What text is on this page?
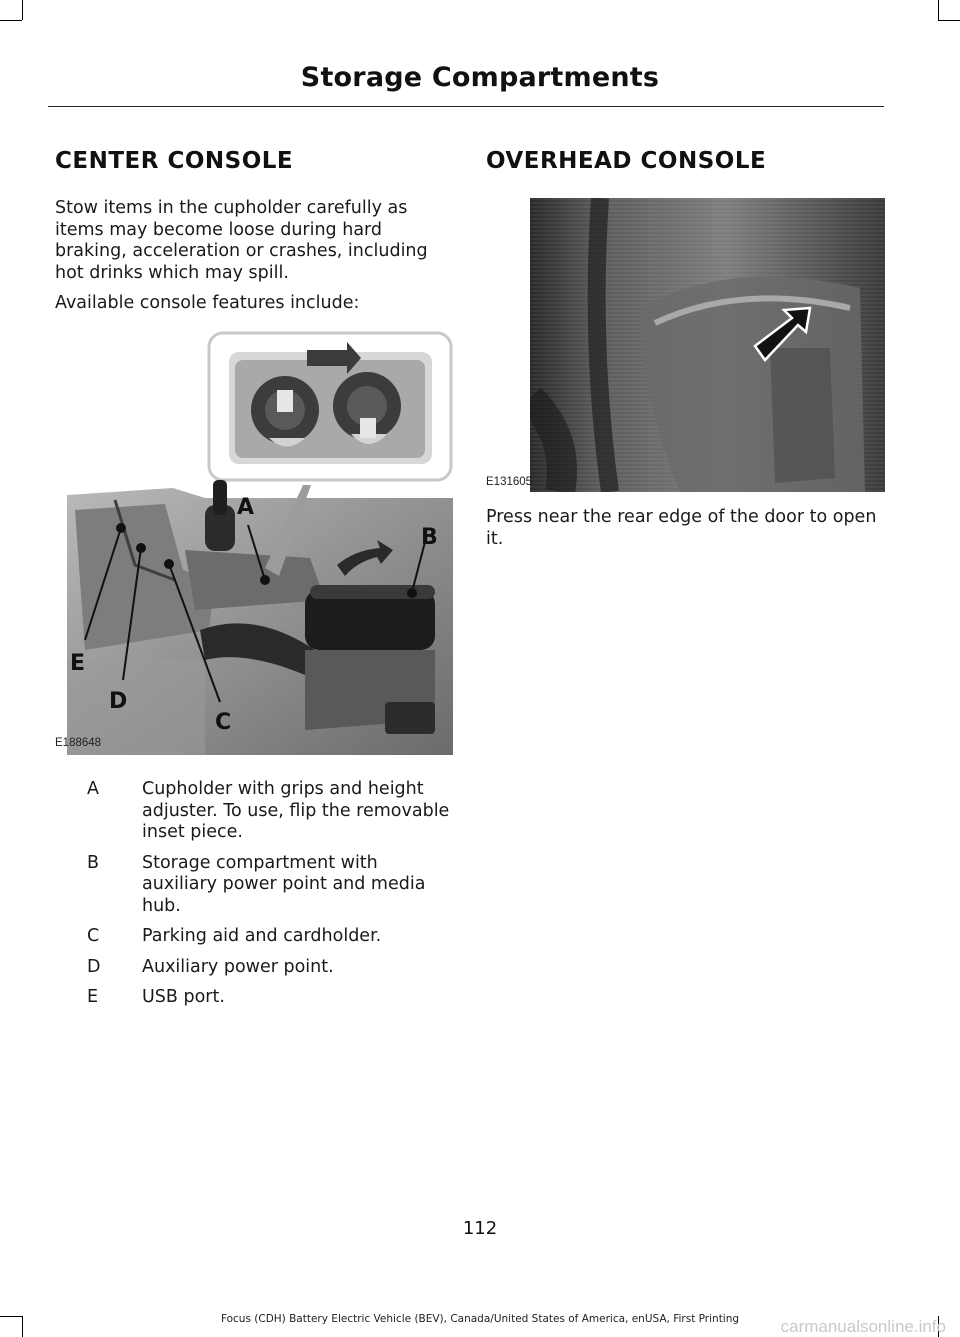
Storage Compartments
CENTER CONSOLE

Stow items in the cupholder carefully as items may become loose during hard braking, acceleration or crashes, including hot drinks which may spill.

Available console features include:

A
B
C
D
E
E188648
A	Cupholder with grips and height adjuster. To use, flip the removable inset piece.
B	Storage compartment with auxiliary power point and media hub.
C	Parking aid and cardholder.
D	Auxiliary power point.
E	USB port.
OVERHEAD CONSOLE
E131605

Press near the rear edge of the door to open it.

112
Focus (CDH) Battery Electric Vehicle (BEV), Canada/United States of America, enUSA, First Printing	carmanualsonline.info
